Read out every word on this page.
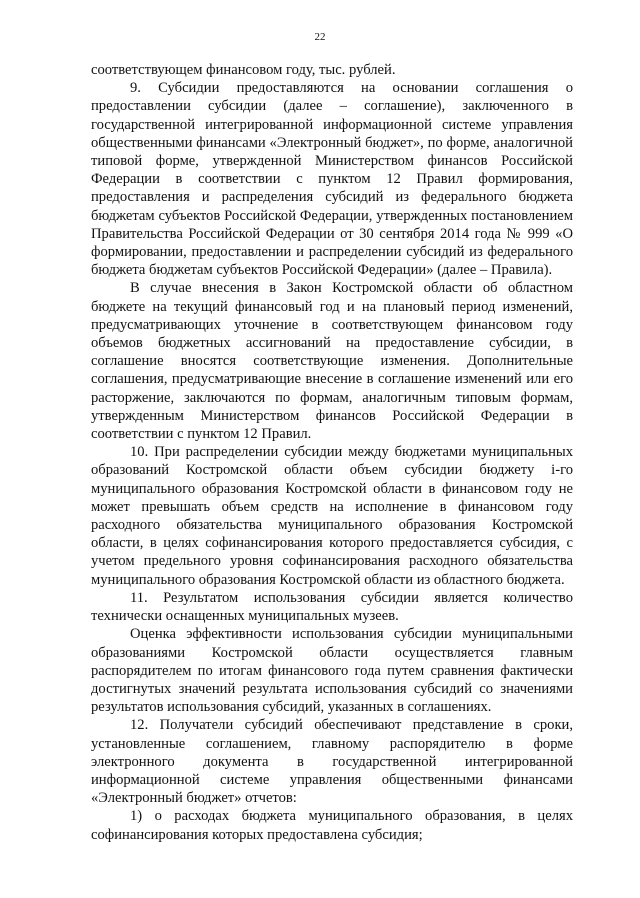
22

соответствующем финансовом году, тыс. рублей.

9. Субсидии предоставляются на основании соглашения о предоставлении субсидии (далее – соглашение), заключенного в государственной интегрированной информационной системе управления общественными финансами «Электронный бюджет», по форме, аналогичной типовой форме, утвержденной Министерством финансов Российской Федерации в соответствии с пунктом 12 Правил формирования, предоставления и распределения субсидий из федерального бюджета бюджетам субъектов Российской Федерации, утвержденных постановлением Правительства Российской Федерации от 30 сентября 2014 года № 999 «О формировании, предоставлении и распределении субсидий из федерального бюджета бюджетам субъектов Российской Федерации» (далее – Правила).

В случае внесения в Закон Костромской области об областном бюджете на текущий финансовый год и на плановый период изменений, предусматривающих уточнение в соответствующем финансовом году объемов бюджетных ассигнований на предоставление субсидии, в соглашение вносятся соответствующие изменения. Дополнительные соглашения, предусматривающие внесение в соглашение изменений или его расторжение, заключаются по формам, аналогичным типовым формам, утвержденным Министерством финансов Российской Федерации в соответствии с пунктом 12 Правил.

10. При распределении субсидии между бюджетами муниципальных образований Костромской области объем субсидии бюджету i-го муниципального образования Костромской области в финансовом году не может превышать объем средств на исполнение в финансовом году расходного обязательства муниципального образования Костромской области, в целях софинансирования которого предоставляется субсидия, с учетом предельного уровня софинансирования расходного обязательства муниципального образования Костромской области из областного бюджета.

11. Результатом использования субсидии является количество технически оснащенных муниципальных музеев.

Оценка эффективности использования субсидии муниципальными образованиями Костромской области осуществляется главным распорядителем по итогам финансового года путем сравнения фактически достигнутых значений результата использования субсидий со значениями результатов использования субсидий, указанных в соглашениях.

12. Получатели субсидий обеспечивают представление в сроки, установленные соглашением, главному распорядителю в форме электронного документа в государственной интегрированной информационной системе управления общественными финансами «Электронный бюджет» отчетов:

1) о расходах бюджета муниципального образования, в целях софинансирования которых предоставлена субсидия;
